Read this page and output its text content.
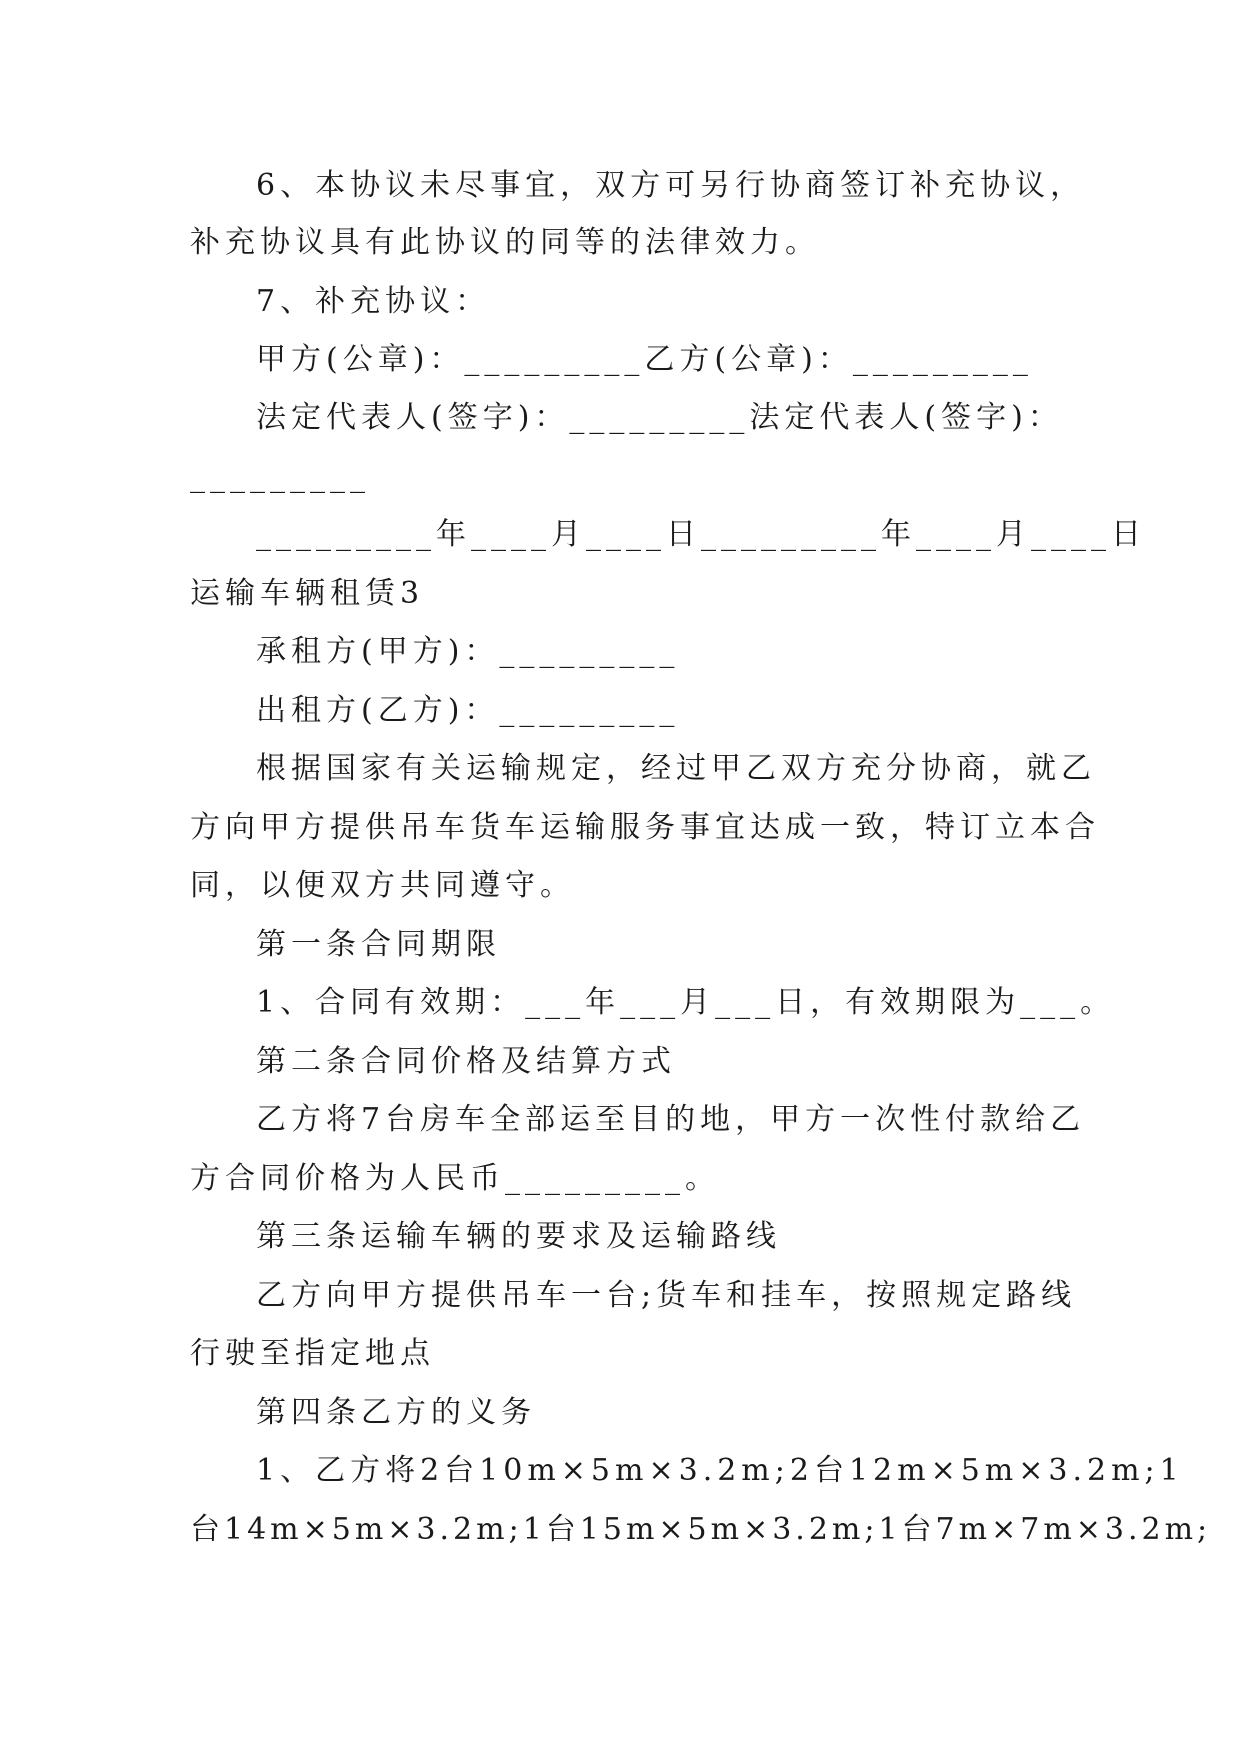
6、本协议未尽事宜，双方可另行协商签订补充协议，
补充协议具有此协议的同等的法律效力。
7、补充协议：
甲方(公章)：_________乙方(公章)：_________
法定代表人(签字)：_________法定代表人(签字)：
_________
_________年____月____日_________年____月____日
运输车辆租赁3
承租方(甲方)：_________
出租方(乙方)：_________
根据国家有关运输规定，经过甲乙双方充分协商，就乙
方向甲方提供吊车货车运输服务事宜达成一致，特订立本合
同，以便双方共同遵守。
第一条合同期限
1、合同有效期：___年___月___日，有效期限为___。
第二条合同价格及结算方式
乙方将7台房车全部运至目的地，甲方一次性付款给乙
方合同价格为人民币_________。
第三条运输车辆的要求及运输路线
乙方向甲方提供吊车一台;货车和挂车，按照规定路线
行驶至指定地点
第四条乙方的义务
1、乙方将2台10m×5m×3.2m;2台12m×5m×3.2m;1
台14m×5m×3.2m;1台15m×5m×3.2m;1台7m×7m×3.2m;
